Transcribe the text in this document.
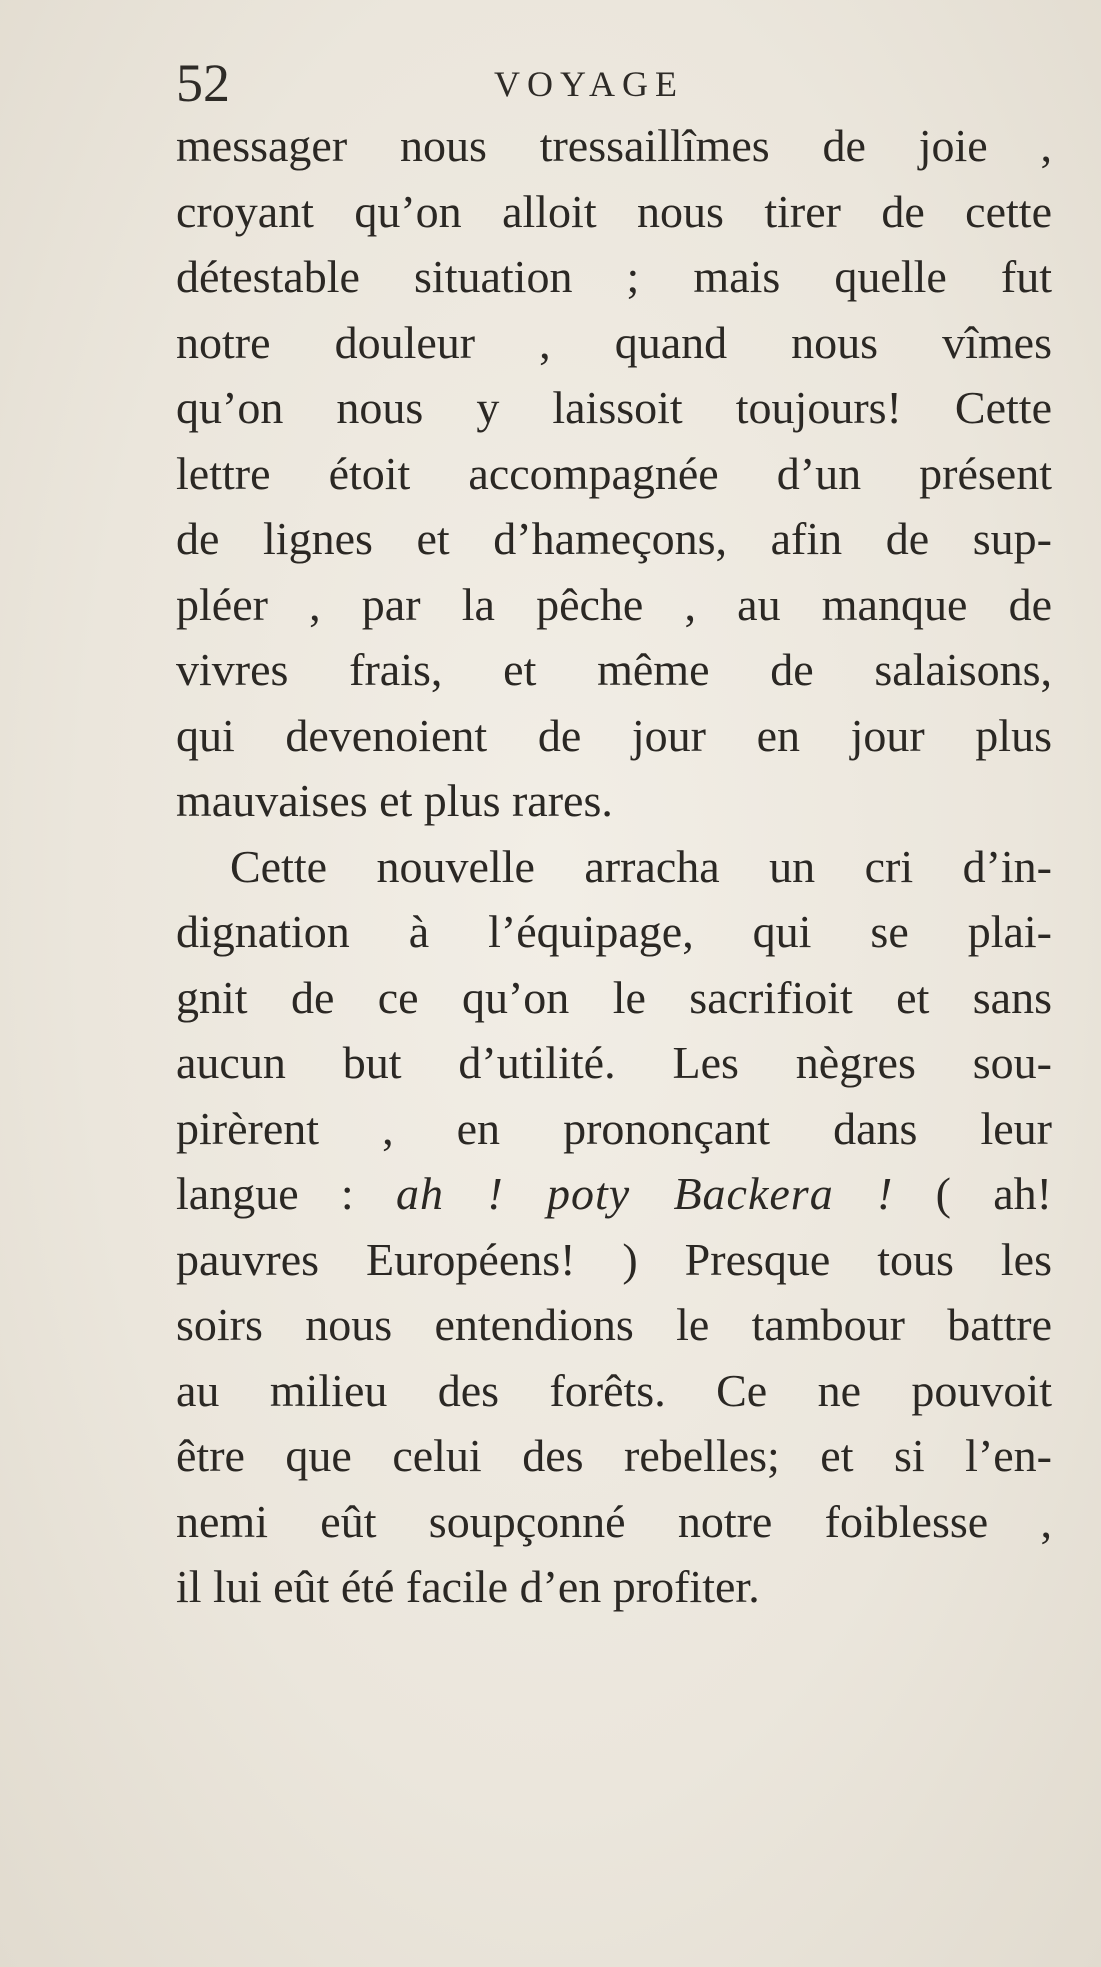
52	VOYAGE
messager nous tressaillîmes de joie ,
croyant qu’on alloit nous tirer de cette
détestable situation ; mais quelle fut
notre douleur , quand nous vîmes
qu’on nous y laissoit toujours! Cette
lettre étoit accompagnée d’un présent
de lignes et d’hameçons, afin de sup-
pléer , par la pêche , au manque de
vivres frais, et même de salaisons,
qui devenoient de jour en jour plus
mauvaises et plus rares.
Cette nouvelle arracha un cri d’in-
dignation à l’équipage, qui se plai-
gnit de ce qu’on le sacrifioit et sans
aucun but d’utilité. Les nègres sou-
pirèrent , en prononçant dans leur
langue : ah ! poty Backera ! ( ah!
pauvres Européens! ) Presque tous les
soirs nous entendions le tambour battre
au milieu des forêts. Ce ne pouvoit
être que celui des rebelles; et si l’en-
nemi eût soupçonné notre foiblesse ,
il lui eût été facile d’en profiter.
